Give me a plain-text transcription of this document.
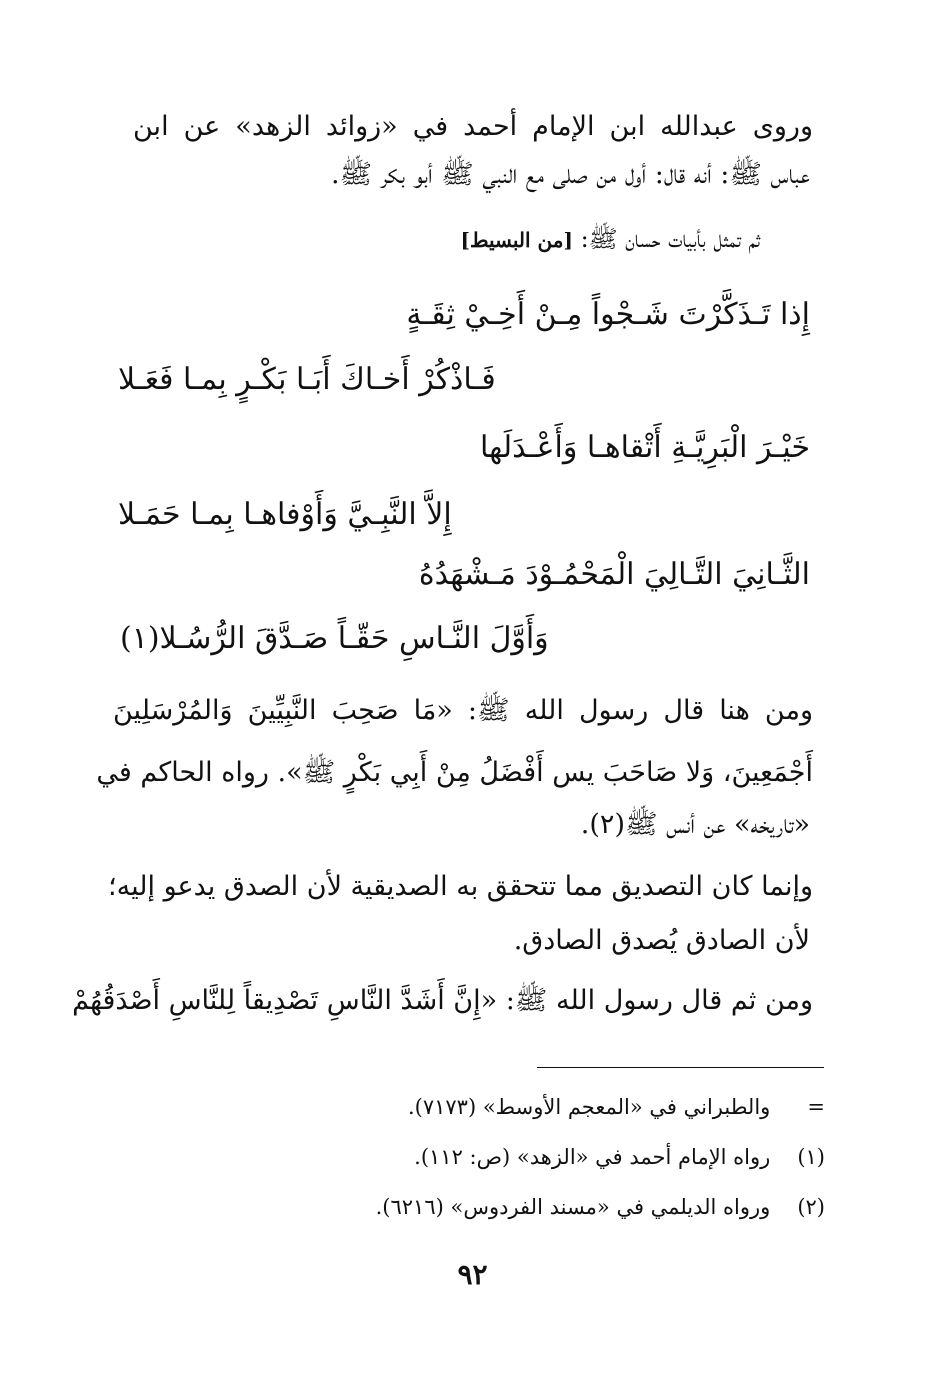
وروى عبدالله ابن الإمام أحمد في «زوائد الزهد» عن ابن
عباس ﷺ: أنه قال: أول من صلى مع النبي ﷺ أبو بكر ﷺ.
ثم تمثل بأبيات حسان ﷺ: [من البسيط]
إِذا تَـذَكَّرْتَ شَـجْواً مِـنْ أَخِـيْ ثِقَـةٍ
فَـاذْكُرْ أَخـاكَ أَبَـا بَكْـرٍ بِمـا فَعَـلا
خَيْـرَ الْبَرِيَّـةِ أَتْقاهـا وَأَعْـدَلَها
إِلاَّ النَّبِـيَّ وَأَوْفاهـا بِمـا حَمَـلا
الثَّـانِيَ التَّـالِيَ الْمَحْمُـوْدَ مَـشْهَدُهُ
وَأَوَّلَ النَّـاسِ حَقّـاً صَـدَّقَ الرُّسُـلا(١)
ومن هنا قال رسول الله ﷺ: «مَا صَحِبَ النَّبِيِّينَ وَالمُرْسَلِينَ
أَجْمَعِينَ، وَلا صَاحَبَ يس أَفْضَلُ مِنْ أَبِي بَكْرٍ ﷺ». رواه الحاكم في
«تاريخه» عن أنس ﷺ(٢).
وإنما كان التصديق مما تتحقق به الصديقية لأن الصدق يدعو إليه؛
لأن الصادق يُصدق الصادق.
ومن ثم قال رسول الله ﷺ: «إِنَّ أَشَدَّ النَّاسِ تَصْدِيقاً لِلنَّاسِ أَصْدَقُهُمْ
= والطبراني في «المعجم الأوسط» (٧١٧٣).
(١) رواه الإمام أحمد في «الزهد» (ص: ١١٢).
(٢) ورواه الديلمي في «مسند الفردوس» (٦٢١٦).
٩٢
